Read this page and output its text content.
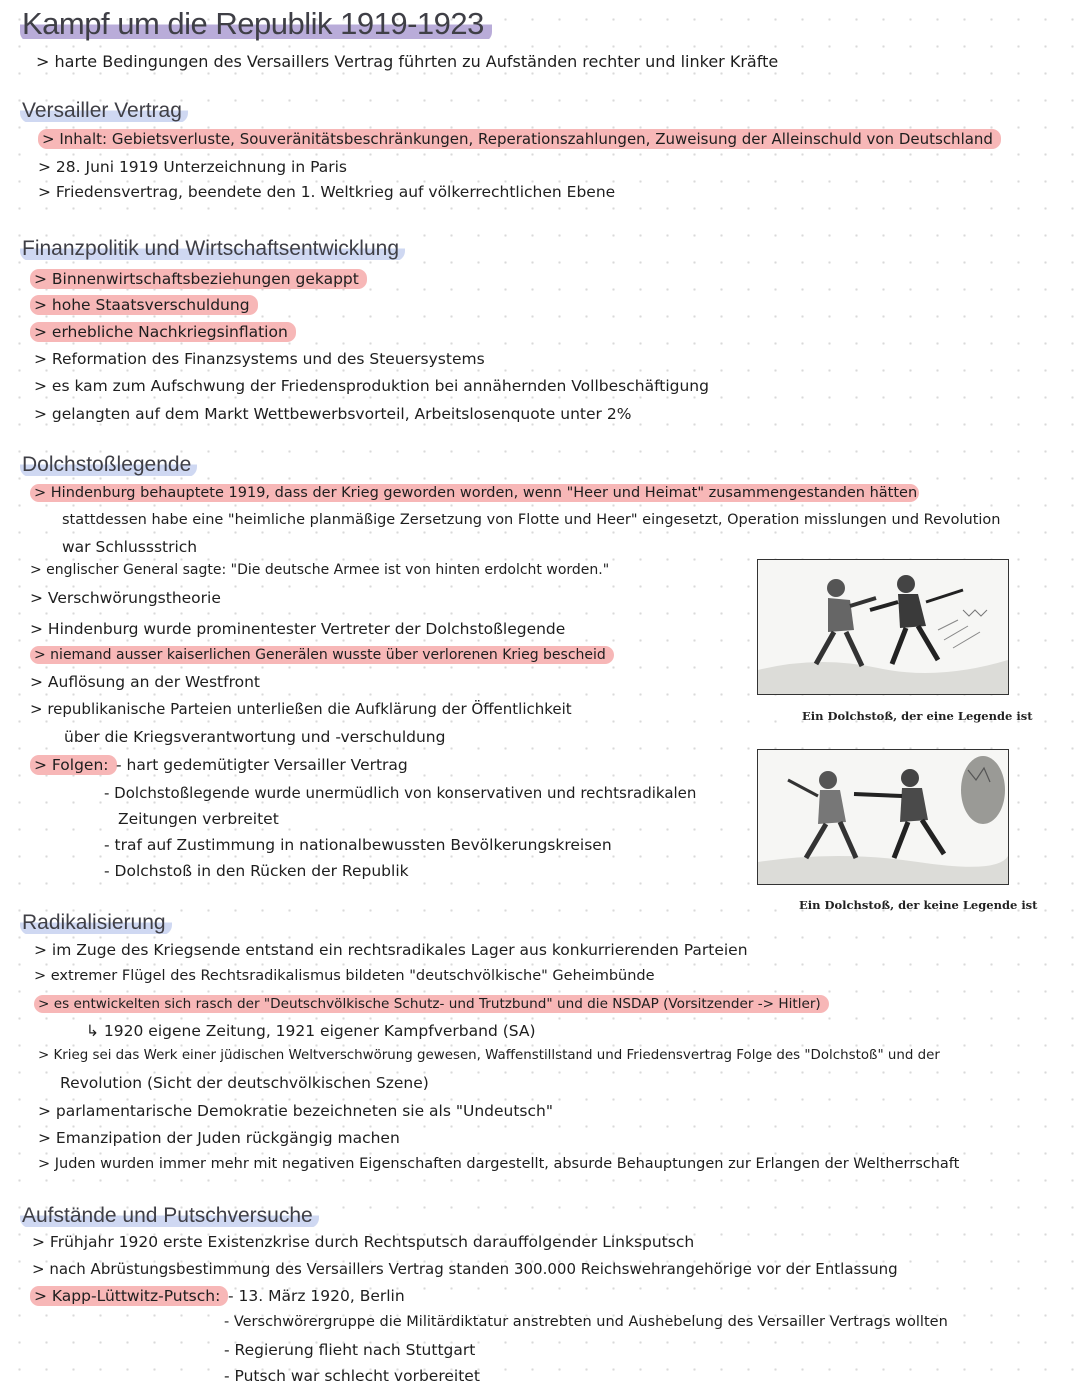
Kampf um die Republik 1919-1923
> harte Bedingungen des Versaillers Vertrag führten zu Aufständen rechter und linker Kräfte
Versailler Vertrag
> Inhalt: Gebietsverluste, Souveränitätsbeschränkungen, Reperationszahlungen, Zuweisung der Alleinschuld von Deutschland
> 28. Juni 1919 Unterzeichnung in Paris
> Friedensvertrag, beendete den 1. Weltkrieg auf völkerrechtlichen Ebene
Finanzpolitik und Wirtschaftsentwicklung
> Binnenwirtschaftsbeziehungen gekappt
> hohe Staatsverschuldung
> erhebliche Nachkriegsinflation
> Reformation des Finanzsystems und des Steuersystems
> es kam zum Aufschwung der Friedensproduktion bei annähernden Vollbeschäftigung
> gelangten auf dem Markt Wettbewerbsvorteil, Arbeitslosenquote unter 2%
Dolchstoßlegende
> Hindenburg behauptete 1919, dass der Krieg geworden worden, wenn "Heer und Heimat" zusammengestanden hätten
stattdessen habe eine "heimliche planmäßige Zersetzung von Flotte und Heer" eingesetzt, Operation misslungen und Revolution
war Schlussstrich
> englischer General sagte: "Die deutsche Armee ist von hinten erdolcht worden."
> Verschwörungstheorie
> Hindenburg wurde prominentester Vertreter der Dolchstoßlegende
> niemand ausser kaiserlichen Generälen wusste über verlorenen Krieg bescheid
> Auflösung an der Westfront
> republikanische Parteien unterließen die Aufklärung der Öffentlichkeit
über die Kriegsverantwortung und -verschuldung
> Folgen: - hart gedemütigter Versailler Vertrag
- Dolchstoßlegende wurde unermüdlich von konservativen und rechtsradikalen
Zeitungen verbreitet
- traf auf Zustimmung in nationalbewussten Bevölkerungskreisen
- Dolchstoß in den Rücken der Republik
Ein Dolchstoß, der eine Legende ist
Ein Dolchstoß, der keine Legende ist
Radikalisierung
> im Zuge des Kriegsende entstand ein rechtsradikales Lager aus konkurrierenden Parteien
> extremer Flügel des Rechtsradikalismus bildeten "deutschvölkische" Geheimbünde
> es entwickelten sich rasch der "Deutschvölkische Schutz- und Trutzbund" und die NSDAP (Vorsitzender -> Hitler)
↳ 1920 eigene Zeitung, 1921 eigener Kampfverband (SA)
> Krieg sei das Werk einer jüdischen Weltverschwörung gewesen, Waffenstillstand und Friedensvertrag Folge des "Dolchstoß" und der
Revolution (Sicht der deutschvölkischen Szene)
> parlamentarische Demokratie bezeichneten sie als "Undeutsch"
> Emanzipation der Juden rückgängig machen
> Juden wurden immer mehr mit negativen Eigenschaften dargestellt, absurde Behauptungen zur Erlangen der Weltherrschaft
Aufstände und Putschversuche
> Frühjahr 1920 erste Existenzkrise durch Rechtsputsch darauffolgender Linksputsch
> nach Abrüstungsbestimmung des Versaillers Vertrag standen 300.000 Reichswehrangehörige vor der Entlassung
> Kapp-Lüttwitz-Putsch: - 13. März 1920, Berlin
- Verschwörergruppe die Militärdiktatur anstrebten und Aushebelung des Versailler Vertrags wollten
- Regierung flieht nach Stuttgart
- Putsch war schlecht vorbereitet
